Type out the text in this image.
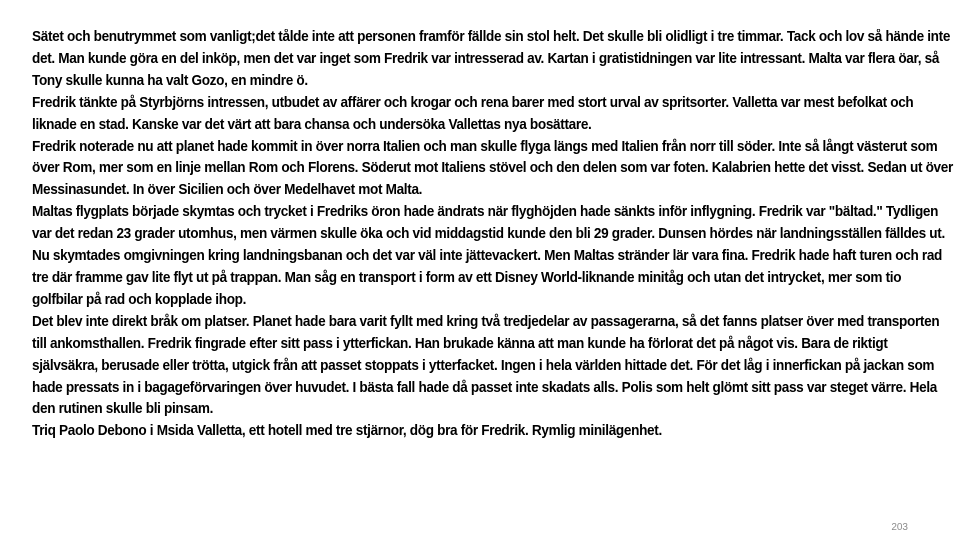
Sätet och benutrymmet som vanligt;det tålde inte att personen framför fällde sin stol helt. Det skulle bli olidligt i tre timmar. Tack och lov så hände inte det. Man kunde göra en del inköp, men det var inget som Fredrik var intresserad av. Kartan i gratistidningen var lite intressant. Malta var flera öar, så Tony skulle kunna ha valt Gozo, en mindre ö.

Fredrik tänkte på Styrbjörns intressen, utbudet av affärer och krogar och rena barer med stort urval av spritsorter. Valletta var mest befolkat och liknade en stad. Kanske var det värt att bara chansa och undersöka Vallettas nya bosättare.

Fredrik noterade nu att planet hade kommit in över norra Italien och man skulle flyga längs med Italien från norr till söder. Inte så långt västerut som över Rom, mer som en linje mellan Rom och Florens. Söderut mot Italiens stövel och den delen som var foten. Kalabrien hette det visst. Sedan ut över Messinasundet. In över Sicilien och över Medelhavet mot Malta.

Maltas flygplats började skymtas och trycket i Fredriks öron hade ändrats när flyghöjden hade sänkts inför inflygning. Fredrik var "bältad." Tydligen var det redan 23 grader utomhus, men värmen skulle öka och vid middagstid kunde den bli 29 grader. Dunsen hördes när landningsställen fälldes ut. Nu skymtades omgivningen kring landningsbanan och det var väl inte jättevackert. Men Maltas stränder lär vara fina. Fredrik hade haft turen och rad tre där framme gav lite flyt ut på trappan. Man såg en transport i form av ett Disney World-liknande minitåg och utan det intrycket, mer som tio golfbilar på rad och kopplade ihop.

Det blev inte direkt bråk om platser. Planet hade bara varit fyllt med kring två tredjedelar av passagerarna, så det fanns platser över med transporten till ankomsthallen. Fredrik fingrade efter sitt pass i ytterfickan. Han brukade känna att man kunde ha förlorat det på något vis. Bara de riktigt självsäkra, berusade eller trötta, utgick från att passet stoppats i ytterfacket. Ingen i hela världen hittade det. För det låg i innerfickan på jackan som hade pressats in i bagageförvaringen över huvudet. I bästa fall hade då passet inte skadats alls. Polis som helt glömt sitt pass var steget värre. Hela den rutinen skulle bli pinsam.

Triq Paolo Debono i Msida Valletta, ett hotell med tre stjärnor, dög bra för Fredrik. Rymlig minilägenhet.

203
